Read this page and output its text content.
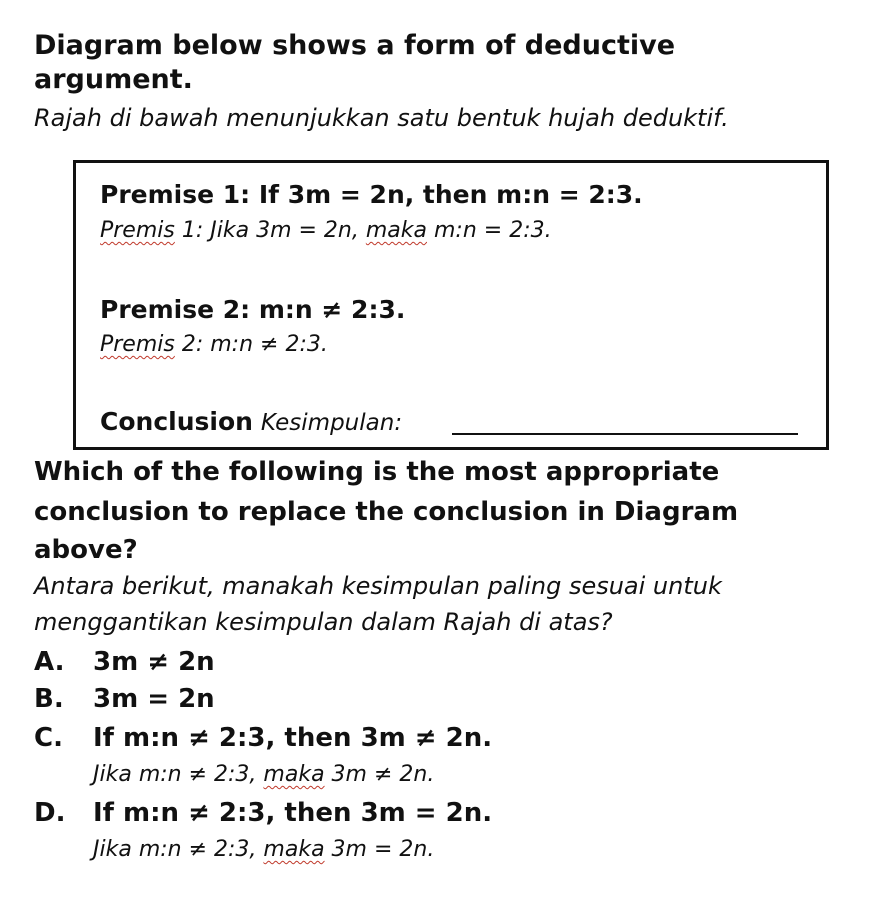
Diagram below shows a form of deductive
argument.
Rajah di bawah menunjukkan satu bentuk hujah deduktif.
Premise 1: If 3m = 2n, then m:n = 2:3.
Premis 1: Jika 3m = 2n, maka m:n = 2:3.
Premise 2: m:n ≠ 2:3.
Premis 2: m:n ≠ 2:3.
Conclusion Kesimpulan:
Which of the following is the most appropriate
conclusion to replace the conclusion in Diagram
above?
Antara berikut, manakah kesimpulan paling sesuai untuk
menggantikan kesimpulan dalam Rajah di atas?
A. 3m ≠ 2n
B. 3m = 2n
C. If m:n ≠ 2:3, then 3m ≠ 2n.
Jika m:n ≠ 2:3, maka 3m ≠ 2n.
D. If m:n ≠ 2:3, then 3m = 2n.
Jika m:n ≠ 2:3, maka 3m = 2n.
